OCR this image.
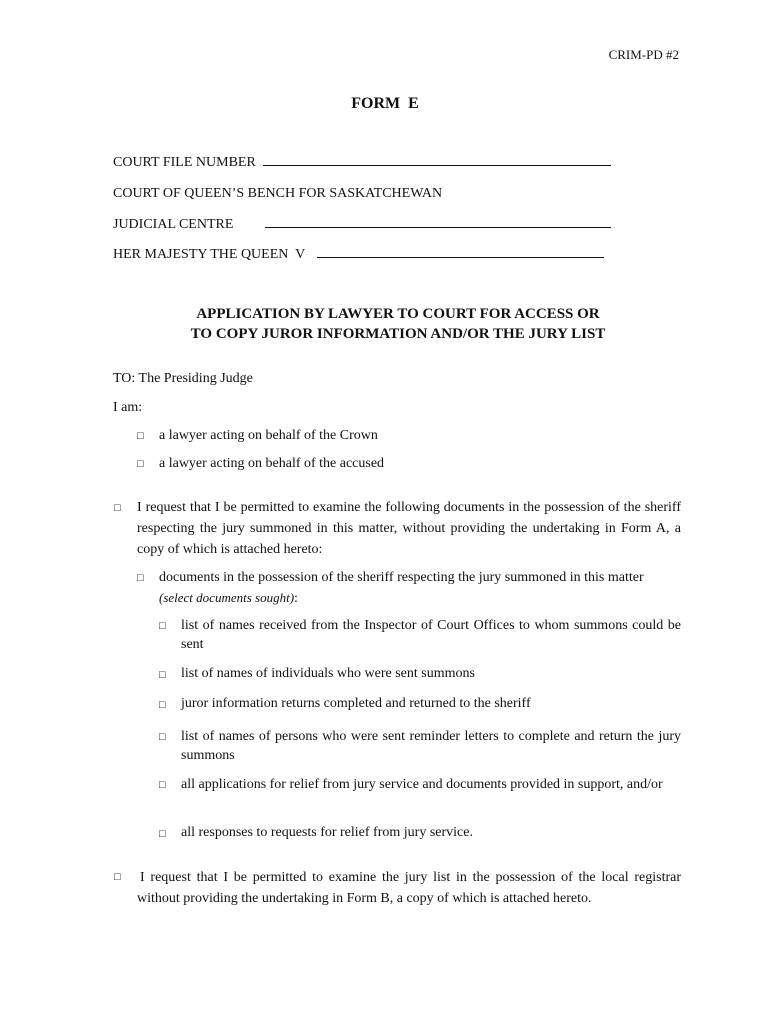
CRIM-PD #2
FORM  E
COURT FILE NUMBER
COURT OF QUEEN’S BENCH FOR SASKATCHEWAN
JUDICIAL CENTRE
HER MAJESTY THE QUEEN  V
APPLICATION BY LAWYER TO COURT FOR ACCESS OR
TO COPY JUROR INFORMATION AND/OR THE JURY LIST
TO: The Presiding Judge
I am:
□ a lawyer acting on behalf of the Crown
□ a lawyer acting on behalf of the accused
□ I request that I be permitted to examine the following documents in the possession of the sheriff respecting the jury summoned in this matter, without providing the undertaking in Form A, a copy of which is attached hereto:
□ documents in the possession of the sheriff respecting the jury summoned in this matter
(select documents sought):
□ list of names received from the Inspector of Court Offices to whom summons could be sent
□ list of names of individuals who were sent summons
□ juror information returns completed and returned to the sheriff
□ list of names of persons who were sent reminder letters to complete and return the jury summons
□ all applications for relief from jury service and documents provided in support, and/or
□ all responses to requests for relief from jury service.
□ I request that I be permitted to examine the jury list in the possession of the local registrar without providing the undertaking in Form B, a copy of which is attached hereto.
